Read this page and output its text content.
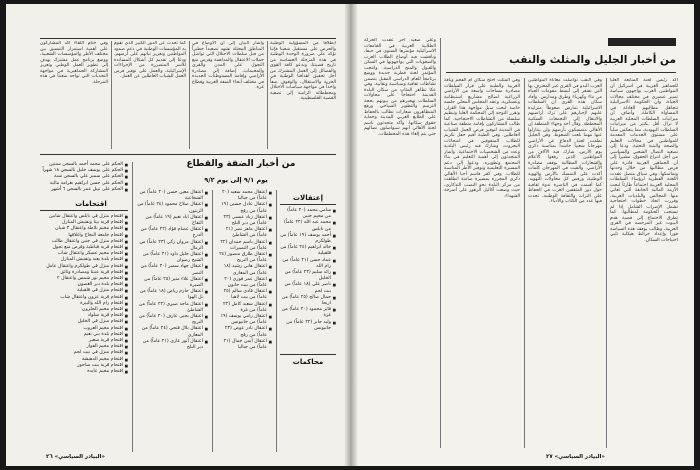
وفي ختام اللقاء أكد المشاركون على أهمية استمرار التنسيق بين مختلف الأطر والمؤسسات الشعبية، ووضع برنامج عمل مشترك يهدف إلى تطوير العمل الوطني وتعزيز المشاركة الجماهيرية في مواجهة التحديات التي تواجه شعبنا في هذه المرحلة.
كما تحدث عن الدور الكبير الذي تقوم به المؤسسات الوطنية في دعم صمود المواطنين وتعزيز ثباتهم على أرضهم، ودعا إلى تقديم كل أشكال المساندة للأسر المتضررة من الإجراءات الإسرائيلية، والعمل على توفير فرص العمل للشباب العاطلين عن العمل.
وأشار البيان إلى أن الأوضاع في المناطق المحتلة تشهد تصعيداً خطيراً من قبل سلطات الاحتلال التي تواصل حملات الاعتقال والمداهمة وفرض منع التجول على المدن والقرى والمخيمات، إضافة إلى مصادرة الأراضي وإقامة المستوطنات الجديدة في مختلف أنحاء الضفة الغربية وقطاع غزة.
انطلاقاً من المسؤولية الوطنية والحرص على مستقبل شعبنا فإننا نؤكد على ضرورة الوحدة الوطنية في هذه المرحلة الحساسة من تاريخ قضيتنا، وندعو كافة القوى والفصائل إلى العمل المشترك من أجل تحقيق أهدافنا الوطنية في الحرية والاستقلال، والوقوف صفاً واحداً في مواجهة سياسات الاحتلال ومخططاته الرامية إلى تصفية القضية الفلسطينية.
من أخبار الضفة والقطاع
يوم ٩/١ إلى يوم ٩/٢
■ الحكم على محمد أحمد بالسجن سنتين
■ الحكم على يوسف خليل بالسجن ١٨ شهراً
■ الحكم على سمير علي بالسجن سنة
■ الحكم على حسن ابراهيم بغرامة مالية
■ الحكم على نبيل عمر بالسجن ٦ أشهر
اقتحامات
■ اقتحام منزل في نابلس واعتقال شابين
■ اقتحام قرية بيتا وتفتيش المنازل
■ اقتحام مخيم بلاطة واعتقال ٣ شبان
■ اقتحام جامعة النجاح واغلاقها
■ اقتحام منزل في جنين واعتقال طالب
■ اقتحام قرية قباطية وفرض منع تجول
■ اقتحام مخيم عسكر واعتقال شاب
■ اقتحام بلدة يعبد وتفتيش المنازل
■ اقتحام منزل في طولكرم واعتقال عامل
■ اقتحام قرية عنبتا ومصادرة وثائق
■ اقتحام مخيم نور شمس واعتقال ٢
■ اقتحام بلدة دير الغصون
■ اقتحام منزل في قلقيلية
■ اقتحام قرية عزون واعتقال شاب
■ اقتحام رام الله والبيرة
■ اقتحام مخيم الجلزون
■ اقتحام قرية سلواد
■ اقتحام منزل في الخليل
■ اقتحام مخيم العروب
■ اقتحام بلدة بني نعيم
■ اقتحام قرية سعير
■ اقتحام مخيم الفوار
■ اقتحام منزل في بيت لحم
■ اقتحام مخيم الدهيشة
■ اقتحام قرية بيت ساحور
■ اقتحام مخيم عايدة
■ اعتقال معين حسن (٢٠ عاماً) من الشجاعية
■ اعتقال صلاح محمود (٢٤ عاماً) من الزيتون
■ اعتقال اياد نعيم (١٩ عاماً) من التفاح
■ اعتقال عصام فؤاد (٢٢ عاماً) من الدرج
■ اعتقال مروان زكي (٢٣ عاماً) من الرمال
■ اعتقال خليل داود (٢١ عاماً) من الشيخ رضوان
■ اعتقال جهاد سمير (٢٠ عاماً) من النصر
■ اعتقال علاء منير (٢٥ عاماً) من الصبرة
■ اعتقال حازم رياض (١٨ عاماً) من تل الهوا
■ اعتقال ماجد صبري (٢٢ عاماً) من الشاطئ
■ اعتقال يحيى عارف (٢٠ عاماً) من البريج
■ اعتقال بلال فتحي (٢٤ عاماً) من المغازي
■ اعتقال أنور غازي (٢١ عاماً) من دير البلح
■ اعتقال محمد سعيد (٢٠ عاماً) من جباليا
■ اعتقال عادل حسين (١٩ عاماً) من رفح
■ اعتقال زياد عيسى (٢٣ عاماً) من دير البلح
■ اعتقال ماهر نصر (٢١ عاماً) من الشاطئ
■ اعتقال باسم حمدان (٢٢ عاماً) من النصيرات
■ اعتقال طارق منصور (٢٤ عاماً) من البريج
■ اعتقال هاني رشيد (١٨ عاماً) من المغازي
■ اعتقال عمر فوزي (٢٠ عاماً) من بيت حانون
■ اعتقال فادي سالم (٢٥ عاماً) من بيت لاهيا
■ اعتقال سعيد كامل (٢٢ عاماً) من غزة
■ اعتقال رامي يوسف (١٩ عاماً) من خانيونس
■ اعتقال نادر عوض (٢٣ عاماً) من رفح
■ اعتقال أيمن جمال (٢١ عاماً) من جباليا
إعتقالات
■ سامي محمد (٢٠ عاماً) من مخيم جنين
■ محمد عبد الله (٢٢ عاماً) من نابلس
■ أحمد يوسف (١٩ عاماً) من طولكرم
■ خالد ابراهيم (٢٤ عاماً) من قلقيلية
■ عماد حسن (٢١ عاماً) من رام الله
■ رائد سليم (٢٣ عاماً) من الخليل
■ ناصر علي (١٨ عاماً) من بيت لحم
■ جمال صالح (٢٥ عاماً) من اريحا
■ فايز محمود (٢٠ عاماً) من غزة
■ وليد جابر (٢٢ عاماً) من خانيونس
محاكمات
«البيادر السياسي» ٢٦
من أخبار الجليل والمثلث والنقب
وعلى صعيد آخر عقدت الحركة الطلابية العربية في الجامعات الاسرائيلية مؤتمرها السنوي في حيفا، وناقشت فيه أوضاع الطلاب العرب والصعوبات التي يواجهونها في السكن والقبول والمنح الدراسية. وانتخب المؤتمر لجنة قطرية جديدة ووضع برنامجاً للعام الدراسي المقبل يتضمن نشاطات ثقافية وسياسية ونقابية. وفي عكا تظاهر المئات من سكان البلدة القديمة احتجاجاً على محاولات السلطات تهجيرهم من بيوتهم بحجة الترميم والتطوير السياحي. ورفع المتظاهرون شعارات تطالب بالحفاظ على الطابع العربي للمدينة وحماية حقوق سكانها. وأكد متحدثون باسم لجنة الأهالي أنهم سيواصلون نضالهم حتى يتم إلغاء هذه المخططات.
وفي المثلث احتج سكان أم الفحم وباقة الغربية والطيبة على قرار السلطات مصادرة مساحات واسعة من الأراضي الزراعية لصالح مشاريع استيطانية وعسكرية. وعقد المجلس المحلي جلسة خاصة لبحث سبل مواجهة هذا القرار، وتقرر التوجه إلى المحكمة العليا وتنظيم سلسلة من النشاطات الاحتجاجية. كما طالب المشاركون بإقامة منطقة صناعية في المدينة لتوفير فرص العمل للشباب العاطلين. وفي الطيبة أقيم حفل تكريم للطلاب المتفوقين في امتحانات البجروت، وشارك فيه رئيس البلدية وعدد من الشخصيات الاجتماعية. وأشار المتحدثون إلى أهمية التعليم في بناء المجتمع وتطويره، ودعوا إلى دعم المسيرة التعليمية وتوفير الأطر المناسبة للطلاب. وفي كفر قاسم أحيا الأهالي ذكرى المجزرة بمسيرة صامتة انطلقت من مركز البلدة نحو النصب التذكاري، حيث وضعت أكاليل الزهور على أضرحة الشهداء.
وفي النقب تواصلت معاناة المواطنين العرب البدو في القرى غير المعترف بها التي تفتقر إلى أبسط مقومات الحياة من ماء وكهرباء وطرق ومدارس. وأفاد سكان هذه القرى أن السلطات الاسرائيلية تمارس ضغوطاً متزايدة عليهم لإجبارهم على ترك أراضيهم والانتقال إلى التجمعات السكنية المخططة. وقال أحد وجهاء المنطقة إن الأهالي متمسكون بأرضهم ولن يتنازلوا عنها مهما بلغت الضغوط. وفي الجليل نظمت لجنة الدفاع عن الأراضي مهرجاناً شعبياً حاشداً بمناسبة ذكرى يوم الأرض، شارك فيه الآلاف من المواطنين الذين رفعوا الأعلام والشعارات المطالبة بوقف مصادرة الأراضي. وألقيت في المهرجان كلمات أكدت على التمسك بالأرض والهوية الوطنية، ورفض كل محاولات التهويد. كما أقيمت في الناصرة ندوة ثقافية حول دور المثقفين العرب في الحفاظ على التراث والثقافة الوطنية، تحدث فيها عدد من الكتاب والأدباء.
أكد رئيس لجنة المتابعة العليا للجماهير العربية في اسرائيل أن المواطنين العرب يواجهون سياسة تمييز عنصري في مختلف مجالات الحياة، وأن الحكومة الاسرائيلية تتجاهل مطالبهم العادلة في المساواة الكاملة. وأضاف أن ميزانيات السلطات المحلية العربية لا تزال أقل بكثير من ميزانيات السلطات اليهودية، مما ينعكس سلباً على مستوى الخدمات المقدمة للمواطنين في مجالات التعليم والصحة والبنية التحتية. ودعا إلى تصعيد النضال الشعبي والسياسي من أجل انتزاع الحقوق، مشيراً إلى أن الجماهير العربية قادرة على فرض مطالبها من خلال وحدتها وتماسكها. وفي سياق متصل عقدت اللجنة القطرية لرؤساء السلطات المحلية العربية اجتماعاً طارئاً لبحث الأزمة المالية الخانقة التي تعاني منها المجالس والبلديات العربية، وقررت اتخاذ خطوات احتجاجية تشمل الإضراب الشامل إذا لم تستجب الحكومة لمطالبها. كما تطرق الاجتماع إلى قضية هدم البيوت غير المرخصة في القرى العربية، وطالب بوقف هذه السياسة فوراً وإعداد خرائط هيكلية تلبي احتياجات السكان.
«البيادر السياسي» ٢٧
